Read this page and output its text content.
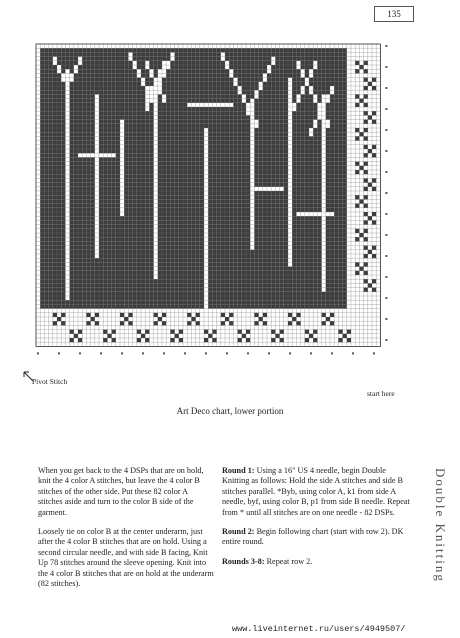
135
Pivot Stitch
start here
Art Deco chart, lower portion

When you get back to the 4 DSPs that are on hold, knit the 4 color A stitches, but leave the 4 color B stitches of the other side. Put these 82 color A stitches aside and turn to the color B side of the garment.

Loosely tie on color B at the center underarm, just after the 4 color B stitches that are on hold. Using a second circular needle, and with side B facing, Knit Up 78 stitches around the sleeve opening. Knit into the 4 color B stitches that are on hold at the underarm (82 stitches).

Round 1: Using a 16" US 4 needle, begin Double Knitting as follows: Hold the side A stitches and side B stitches parallel. *Byb, using color A, k1 from side A needle, byf, using color B, p1 from side B needle. Repeat from * until all stitches are on one needle - 82 DSPs.

Round 2: Begin following chart (start with row 2). DK entire round.

Rounds 3-8: Repeat row 2.	Double Knitting
www.liveinternet.ru/users/4949507/
